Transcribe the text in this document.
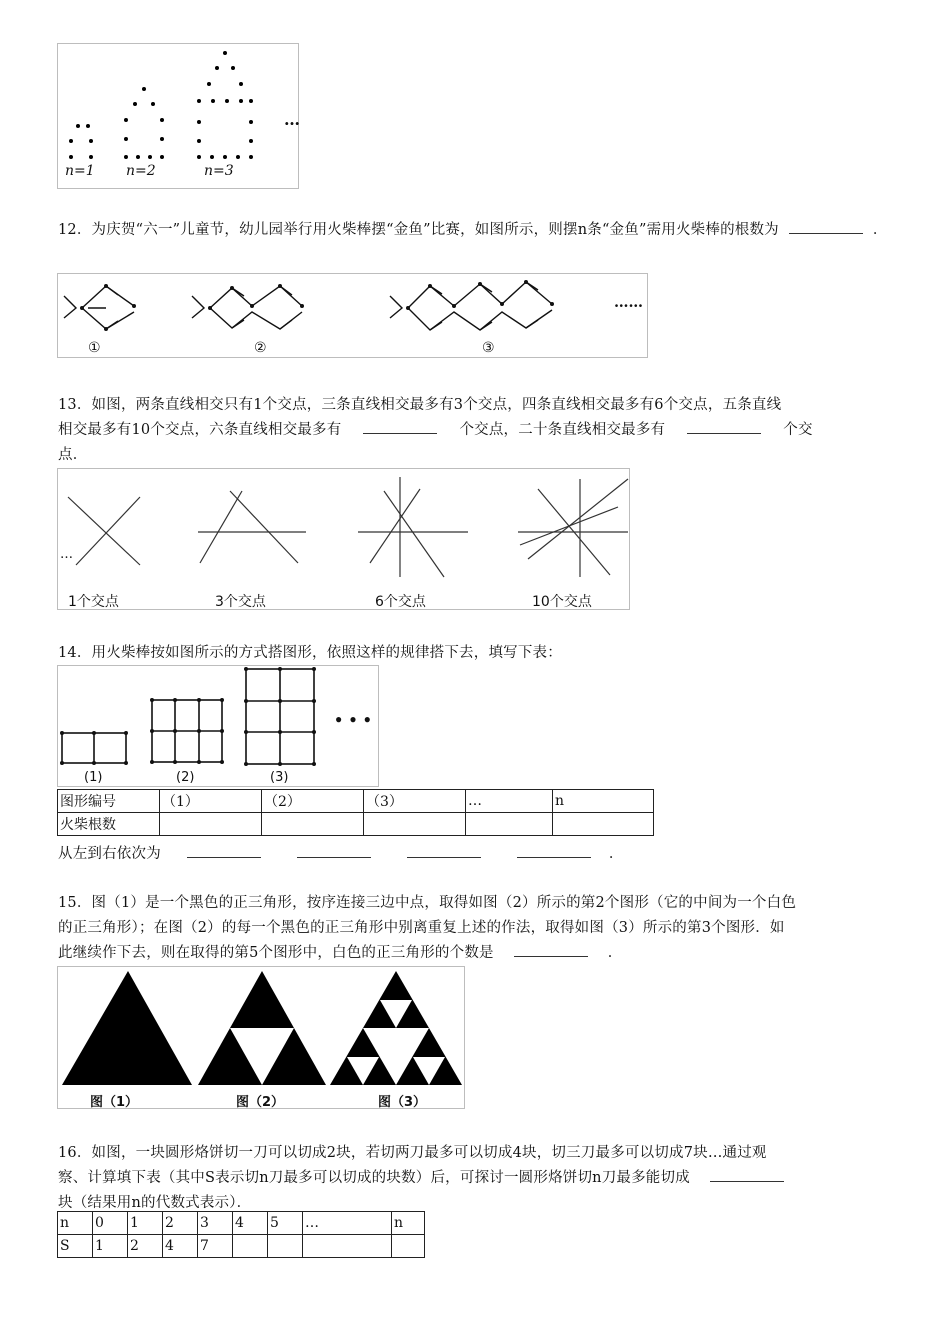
n=1 n=2	n=3
…
12．为庆贺“六一”儿童节，幼儿园举行用火柴棒摆“金鱼”比赛，如图所示，则摆n条“金鱼”需用火柴棒的根数为	．
①	②	③
……
13．如图，两条直线相交只有1个交点，三条直线相交最多有3个交点，四条直线相交最多有6个交点，五条直线
相交最多有10个交点，六条直线相交最多有	个交点，二十条直线相交最多有	个交
点．
…
1个交点	3个交点	6个交点	10个交点
14．用火柴棒按如图所示的方式搭图形，依照这样的规律搭下去，填写下表：
(1)	(2)	(3)
• • •
图形编号	（1）	（2）	（3）	…	n
火柴根数					
从左到右依次为	．
15．图（1）是一个黑色的正三角形，按序连接三边中点，取得如图（2）所示的第2个图形（它的中间为一个白色
的正三角形）；在图（2）的每一个黑色的正三角形中别离重复上述的作法，取得如图（3）所示的第3个图形．如
此继续作下去，则在取得的第5个图形中，白色的正三角形的个数是	．
图（1）	图（2）	图（3）
16．如图，一块圆形烙饼切一刀可以切成2块，若切两刀最多可以切成4块，切三刀最多可以切成7块…通过观
察、计算填下表（其中S表示切n刀最多可以切成的块数）后，可探讨一圆形烙饼切n刀最多能切成
块（结果用n的代数式表示）．
n	0	1	2	3	4	5	…	n
S	1	2	4	7				
